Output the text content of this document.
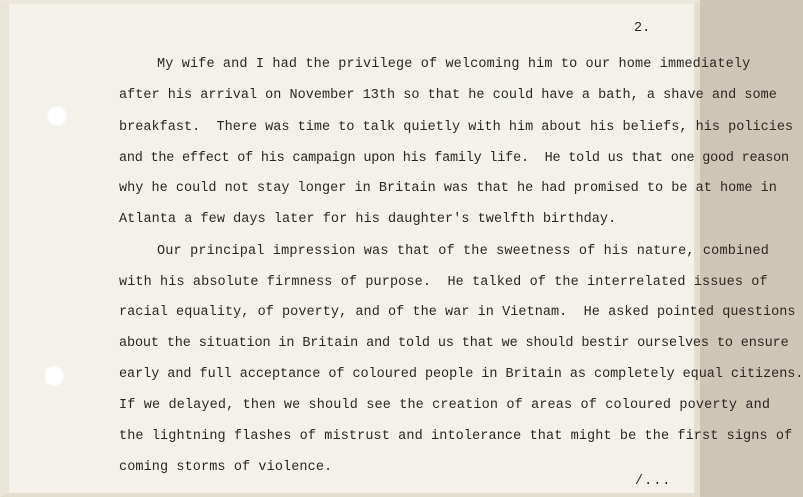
2.
My wife and I had the privilege of welcoming him to our home immediately
after his arrival on November 13th so that he could have a bath, a shave and some
breakfast.  There was time to talk quietly with him about his beliefs, his policies
and the effect of his campaign upon his family life.  He told us that one good reason
why he could not stay longer in Britain was that he had promised to be at home in
Atlanta a few days later for his daughter's twelfth birthday.
Our principal impression was that of the sweetness of his nature, combined
with his absolute firmness of purpose.  He talked of the interrelated issues of
racial equality, of poverty, and of the war in Vietnam.  He asked pointed questions
about the situation in Britain and told us that we should bestir ourselves to ensure
early and full acceptance of coloured people in Britain as completely equal citizens.
If we delayed, then we should see the creation of areas of coloured poverty and
the lightning flashes of mistrust and intolerance that might be the first signs of
coming storms of violence.
/...
